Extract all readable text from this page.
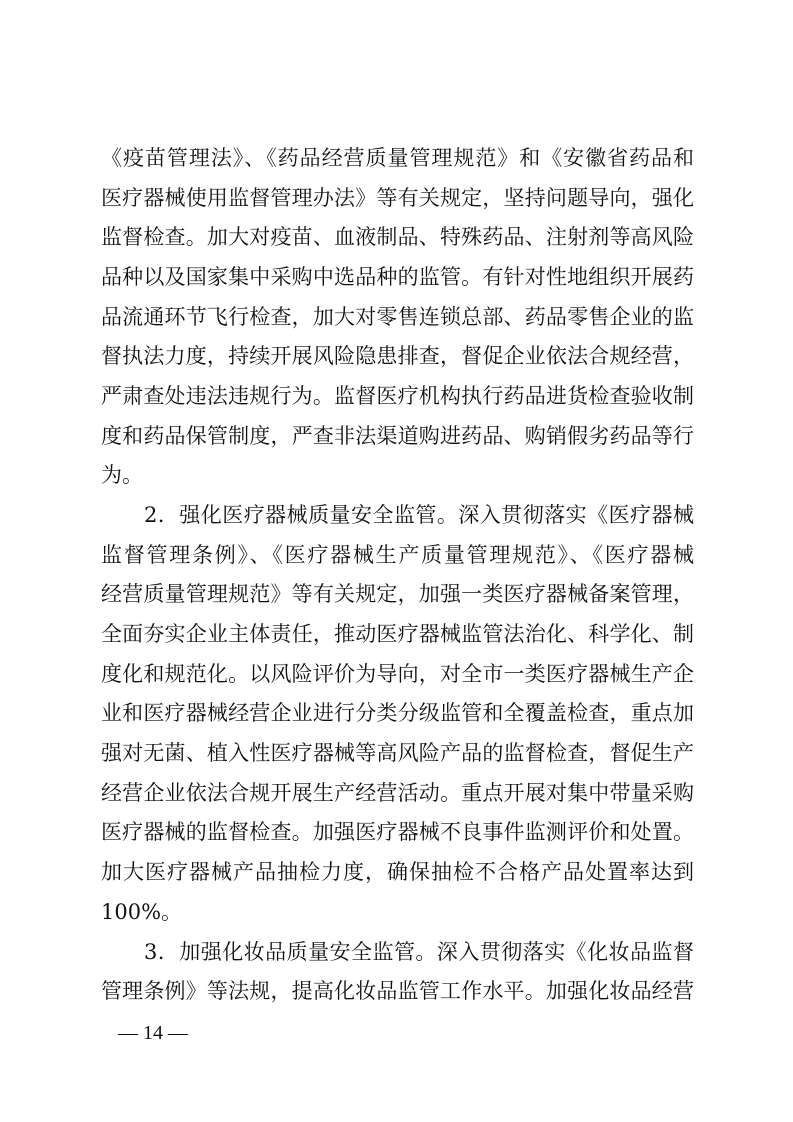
《疫苗管理法》、《药品经营质量管理规范》和《安徽省药品和
医疗器械使用监督管理办法》等有关规定，坚持问题导向，强化
监督检查。加大对疫苗、血液制品、特殊药品、注射剂等高风险
品种以及国家集中采购中选品种的监管。有针对性地组织开展药
品流通环节飞行检查，加大对零售连锁总部、药品零售企业的监
督执法力度，持续开展风险隐患排查，督促企业依法合规经营，
严肃查处违法违规行为。监督医疗机构执行药品进货检查验收制
度和药品保管制度，严查非法渠道购进药品、购销假劣药品等行
为。
2．强化医疗器械质量安全监管。深入贯彻落实《医疗器械
监督管理条例》、《医疗器械生产质量管理规范》、《医疗器械
经营质量管理规范》等有关规定，加强一类医疗器械备案管理，
全面夯实企业主体责任，推动医疗器械监管法治化、科学化、制
度化和规范化。以风险评价为导向，对全市一类医疗器械生产企
业和医疗器械经营企业进行分类分级监管和全覆盖检查，重点加
强对无菌、植入性医疗器械等高风险产品的监督检查，督促生产
经营企业依法合规开展生产经营活动。重点开展对集中带量采购
医疗器械的监督检查。加强医疗器械不良事件监测评价和处置。
加大医疗器械产品抽检力度，确保抽检不合格产品处置率达到
100%。
3．加强化妆品质量安全监管。深入贯彻落实《化妆品监督
管理条例》等法规，提高化妆品监管工作水平。加强化妆品经营
— 14 —
